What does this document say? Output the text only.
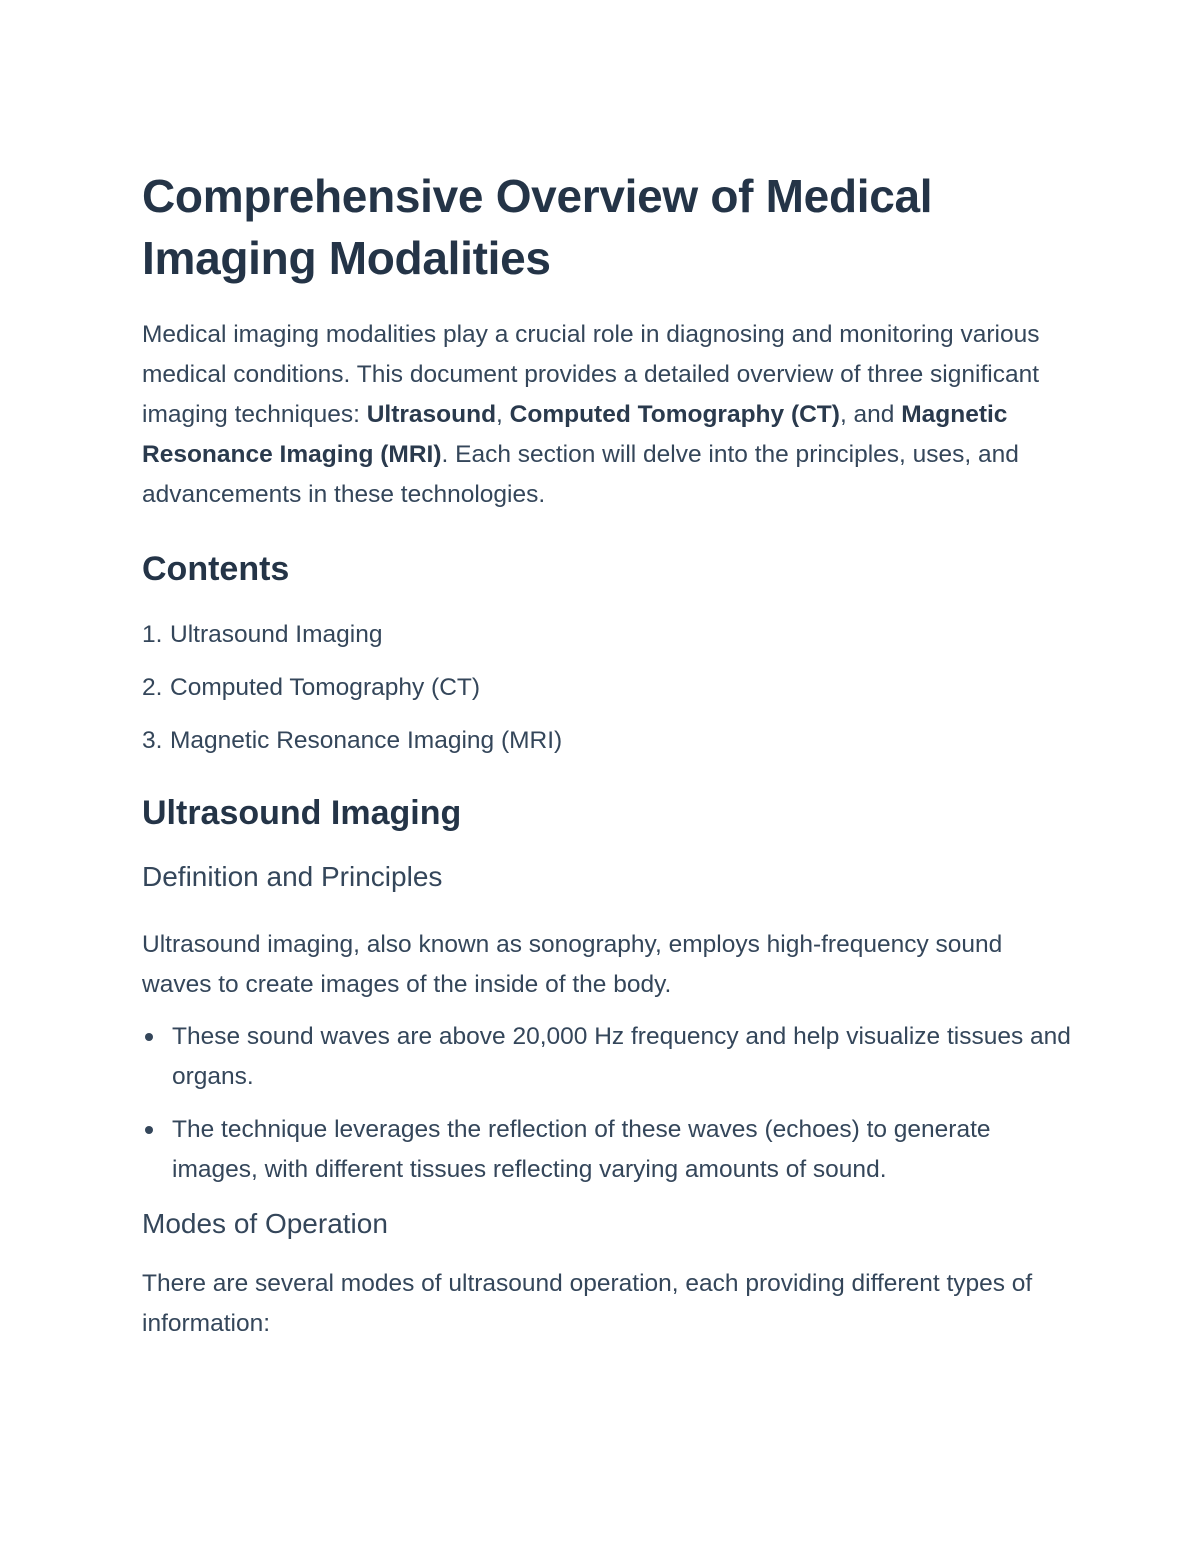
Comprehensive Overview of Medical Imaging Modalities

Medical imaging modalities play a crucial role in diagnosing and monitoring various medical conditions. This document provides a detailed overview of three significant imaging techniques: Ultrasound, Computed Tomography (CT), and Magnetic Resonance Imaging (MRI). Each section will delve into the principles, uses, and advancements in these technologies.

Contents
1. Ultrasound Imaging
2. Computed Tomography (CT)
3. Magnetic Resonance Imaging (MRI)
Ultrasound Imaging
Definition and Principles

Ultrasound imaging, also known as sonography, employs high-frequency sound waves to create images of the inside of the body.

These sound waves are above 20,000 Hz frequency and help visualize tissues and organs.
The technique leverages the reflection of these waves (echoes) to generate images, with different tissues reflecting varying amounts of sound.
Modes of Operation

There are several modes of ultrasound operation, each providing different types of information:
